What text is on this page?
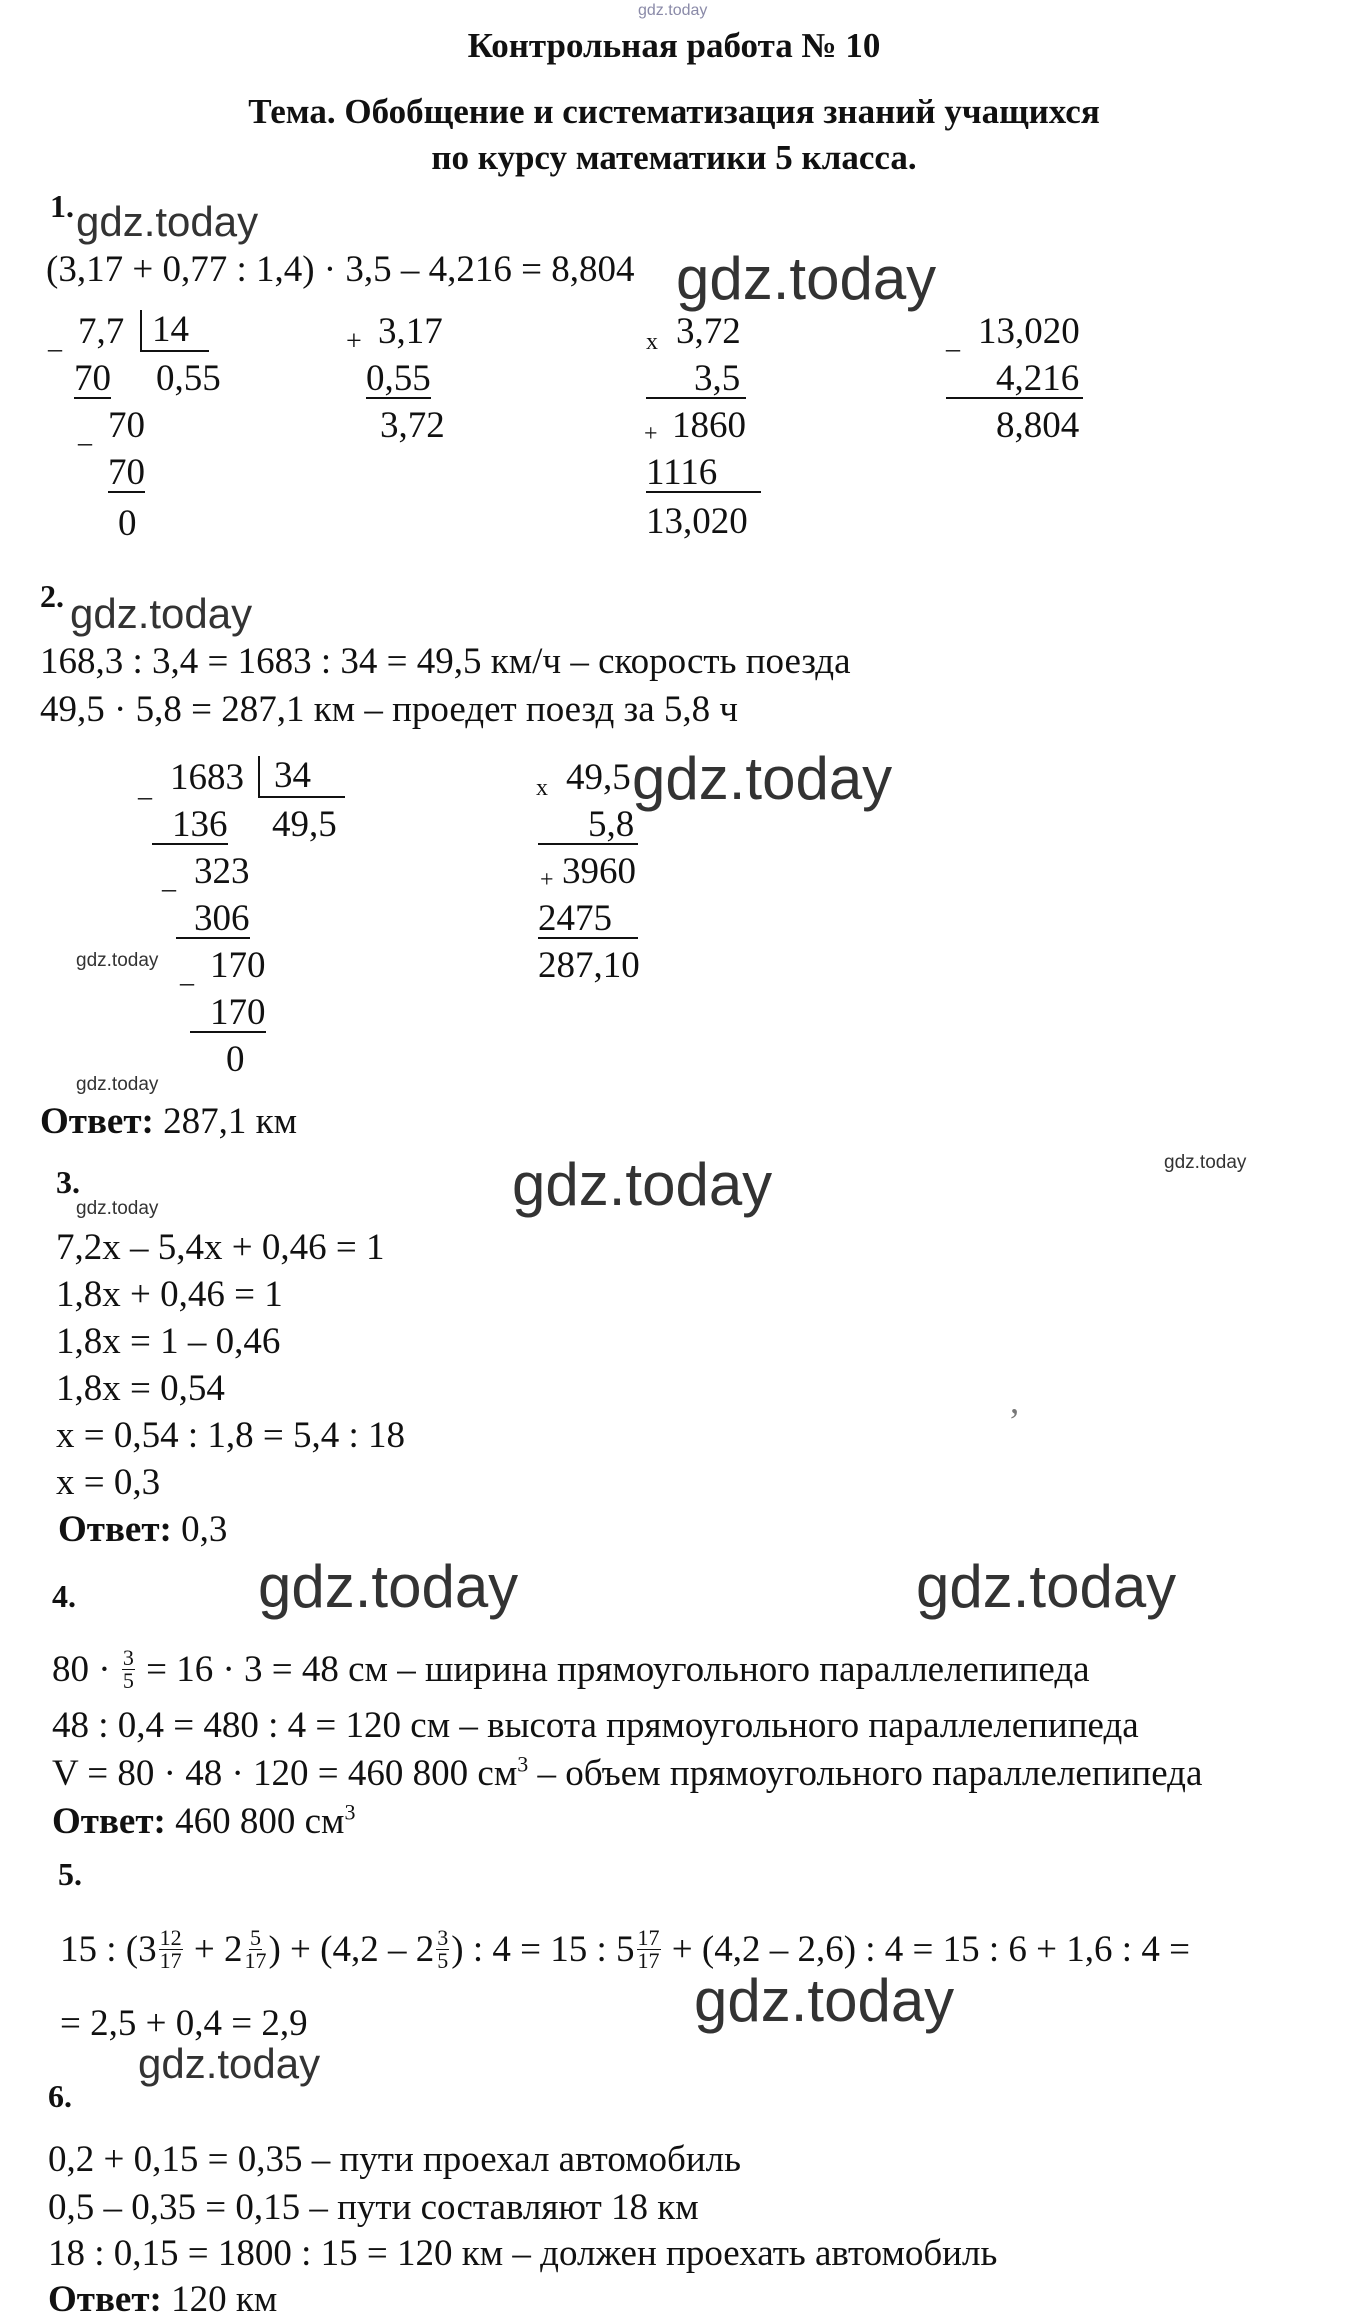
gdz.today
Контрольная работа № 10
Тема. Обобщение и систематизация знаний учащихся
по курсу математики 5 класса.
1. gdz.today
(3,17 + 0,77 : 1,4) · 3,5 – 4,216 = 8,804 gdz.today
_ 7,7 14
70 0,55
_ 70
70
0
+ 3,17
0,55
3,72
x 3,72
3,5
+ 1860
1116
13,020
_ 13,020
4,216
8,804
2. gdz.today
168,3 : 3,4 = 1683 : 34 = 49,5 км/ч – скорость поезда
49,5 · 5,8 = 287,1 км – проедет поезд за 5,8 ч
_ 1683 34
136 49,5
_ 323
306
_ 170
170
0
x 49,5
5,8
+ 3960
2475
287,10
gdz.today
gdz.today
gdz.today
Ответ: 287,1 км
gdz.today
3.	gdz.today
gdz.today
7,2x – 5,4x + 0,46 = 1
1,8x + 0,46 = 1
1,8x = 1 – 0,46
1,8x = 0,54
x = 0,54 : 1,8 = 5,4 : 18
x = 0,3
,
Ответ: 0,3
4.	gdz.today	gdz.today
$80 \cdot \frac{3}{5} = 16 \cdot 3 = 48$ см – ширина прямоугольного параллелепипеда
48 : 0,4 = 480 : 4 = 120 см – высота прямоугольного параллелепипеда
V = 80 · 48 · 120 = 460 800 $см^3$ – объем прямоугольного параллелепипеда
Ответ: 460 800 $см^3$
5.
15 : ($3 \frac{12}{17} + 2 \frac{5}{17}$ ) + ($4,2 - 2 \frac{3}{5}$ ) : 4 = 15 : $5 \frac{17}{17} + (4,2 - 2,6)$ : 4 = 15 : 6 + 1,6 : 4 =
gdz.today
= 2,5 + 0,4 = 2,9
gdz.today
6.
0,2 + 0,15 = 0,35 – пути проехал автомобиль
0,5 – 0,35 = 0,15 – пути составляют 18 км
18 : 0,15 = 1800 : 15 = 120 км – должен проехать автомобиль
Ответ: 120 км
